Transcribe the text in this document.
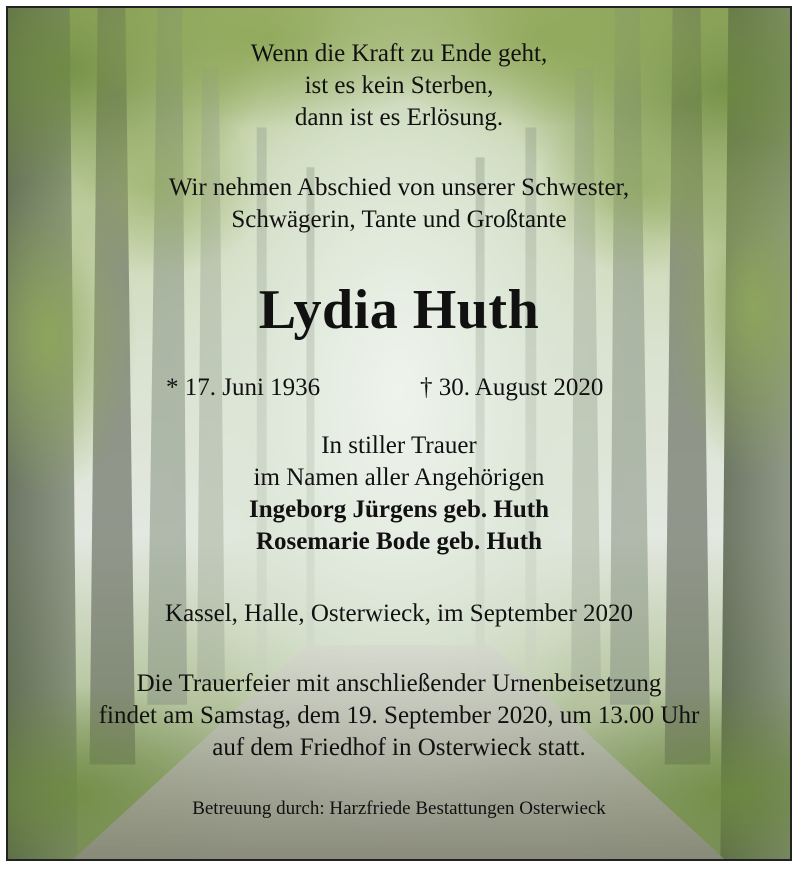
Wenn die Kraft zu Ende geht,
ist es kein Sterben,
dann ist es Erlösung.
Wir nehmen Abschied von unserer Schwester,
Schwägerin, Tante und Großtante
Lydia Huth
* 17. Juni 1936	† 30. August 2020
In stiller Trauer
im Namen aller Angehörigen
Ingeborg Jürgens geb. Huth
Rosemarie Bode geb. Huth
Kassel, Halle, Osterwieck, im September 2020
Die Trauerfeier mit anschließender Urnenbeisetzung
findet am Samstag, dem 19. September 2020, um 13.00 Uhr
auf dem Friedhof in Osterwieck statt.
Betreuung durch: Harzfriede Bestattungen Osterwieck
